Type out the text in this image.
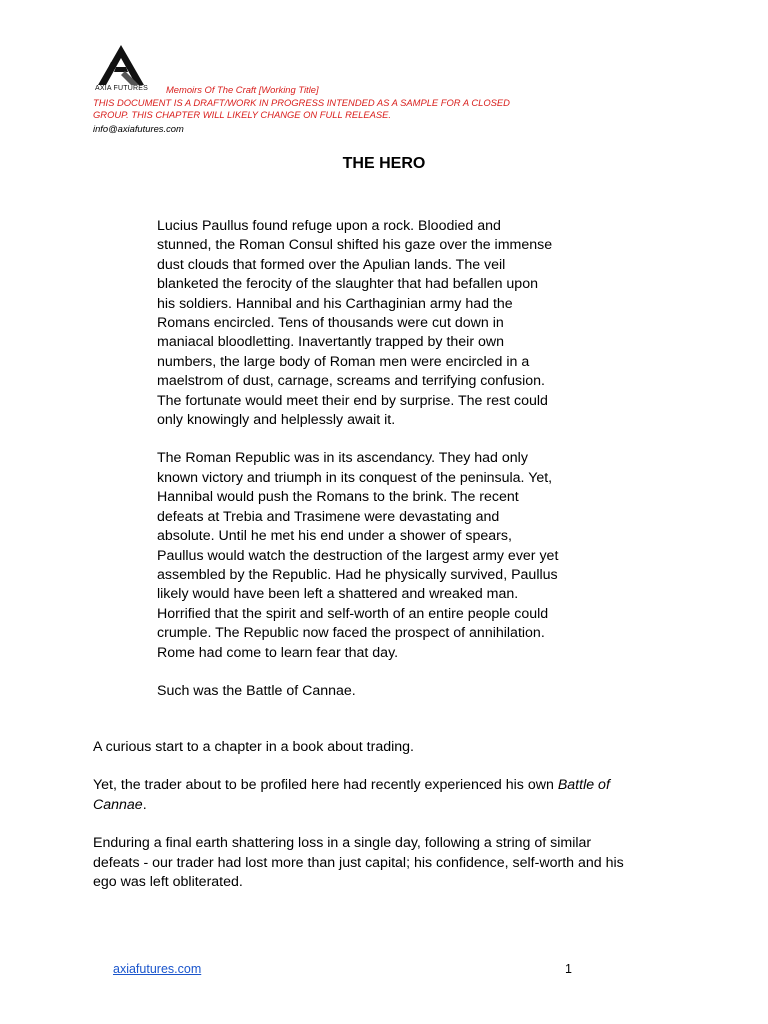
AXIA FUTURES Memoirs Of The Craft [Working Title]
THIS DOCUMENT IS A DRAFT/WORK IN PROGRESS INTENDED AS A SAMPLE FOR A CLOSED
GROUP. THIS CHAPTER WILL LIKELY CHANGE ON FULL RELEASE.
info@axiafutures.com
THE HERO

Lucius Paullus found refuge upon a rock. Bloodied and
stunned, the Roman Consul shifted his gaze over the immense
dust clouds that formed over the Apulian lands. The veil
blanketed the ferocity of the slaughter that had befallen upon
his soldiers. Hannibal and his Carthaginian army had the
Romans encircled. Tens of thousands were cut down in
maniacal bloodletting. Inavertantly trapped by their own
numbers, the large body of Roman men were encircled in a
maelstrom of dust, carnage, screams and terrifying confusion.
The fortunate would meet their end by surprise. The rest could
only knowingly and helplessly await it.

The Roman Republic was in its ascendancy. They had only
known victory and triumph in its conquest of the peninsula. Yet,
Hannibal would push the Romans to the brink. The recent
defeats at Trebia and Trasimene were devastating and
absolute. Until he met his end under a shower of spears,
Paullus would watch the destruction of the largest army ever yet
assembled by the Republic. Had he physically survived, Paullus
likely would have been left a shattered and wreaked man.
Horrified that the spirit and self-worth of an entire people could
crumple. The Republic now faced the prospect of annihilation.
Rome had come to learn fear that day.

Such was the Battle of Cannae.

A curious start to a chapter in a book about trading.

Yet, the trader about to be profiled here had recently experienced his own Battle of
Cannae.

Enduring a final earth shattering loss in a single day, following a string of similar
defeats - our trader had lost more than just capital; his confidence, self-worth and his
ego was left obliterated.

axiafutures.com	1
